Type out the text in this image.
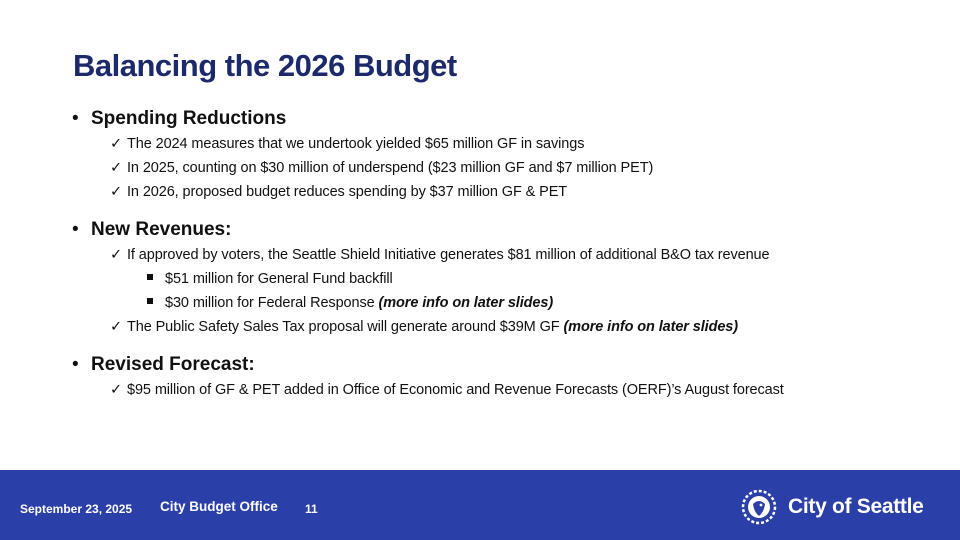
Balancing the 2026 Budget
• Spending Reductions
✓ The 2024 measures that we undertook yielded $65 million GF in savings
✓ In 2025, counting on $30 million of underspend ($23 million GF and $7 million PET)
✓ In 2026, proposed budget reduces spending by $37 million GF & PET
• New Revenues:
✓ If approved by voters, the Seattle Shield Initiative generates $81 million of additional B&O tax revenue
$51 million for General Fund backfill
$30 million for Federal Response (more info on later slides)
✓ The Public Safety Sales Tax proposal will generate around $39M GF (more info on later slides)
• Revised Forecast:
✓ $95 million of GF & PET added in Office of Economic and Revenue Forecasts (OERF)’s August forecast
September 23, 2025 City Budget Office 11	City of Seattle
